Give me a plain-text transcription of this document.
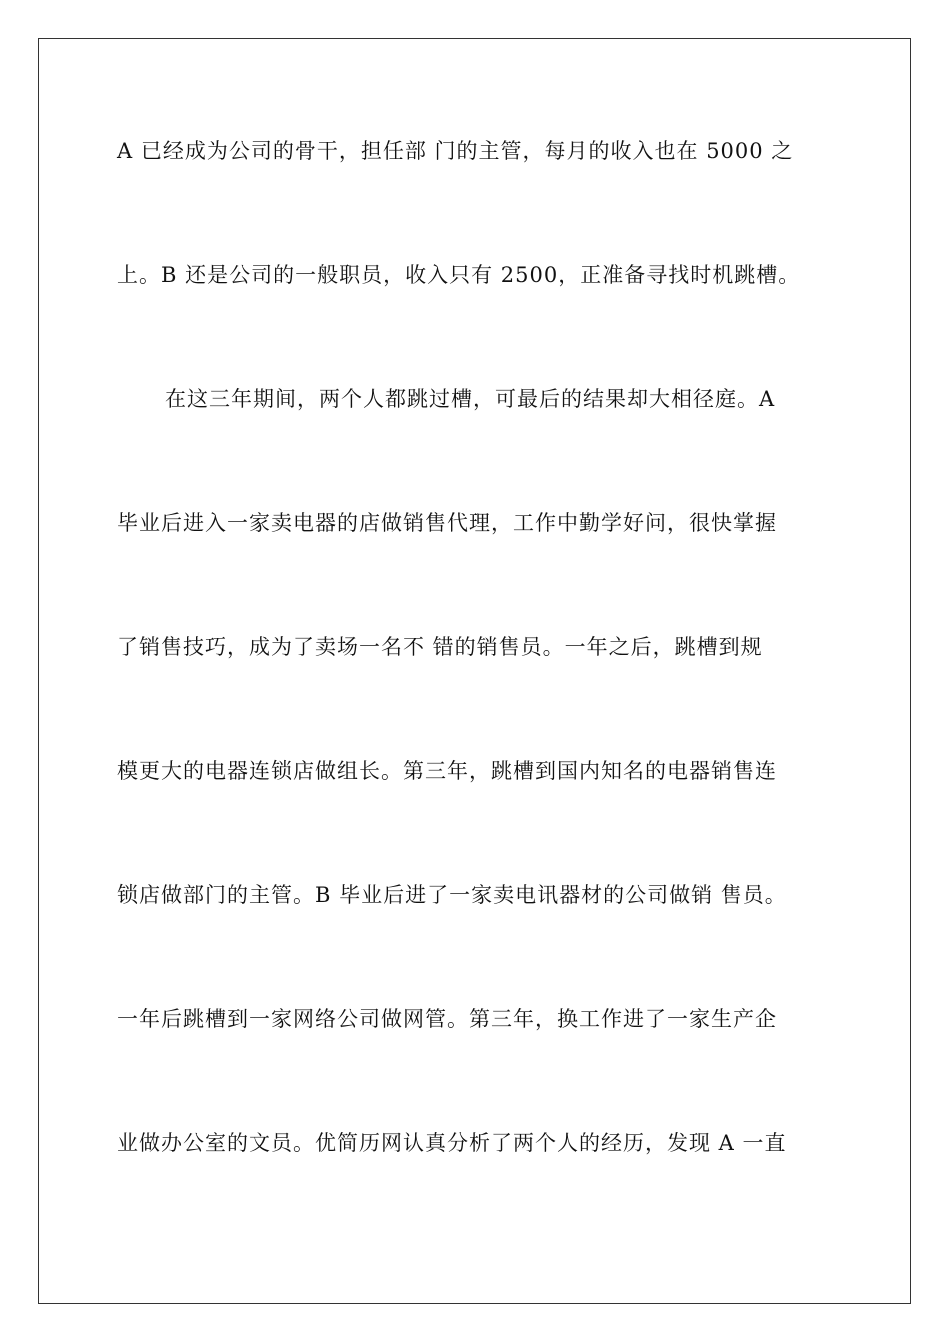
A 已经成为公司的骨干，担任部 门的主管，每月的收入也在 5000 之
上。B 还是公司的一般职员，收入只有 2500，正准备寻找时机跳槽。
在这三年期间，两个人都跳过槽，可最后的结果却大相径庭。A
毕业后进入一家卖电器的店做销售代理，工作中勤学好问，很快掌握
了销售技巧，成为了卖场一名不 错的销售员。一年之后，跳槽到规
模更大的电器连锁店做组长。第三年，跳槽到国内知名的电器销售连
锁店做部门的主管。B 毕业后进了一家卖电讯器材的公司做销 售员。
一年后跳槽到一家网络公司做网管。第三年，换工作进了一家生产企
业做办公室的文员。优简历网认真分析了两个人的经历，发现 A 一直
